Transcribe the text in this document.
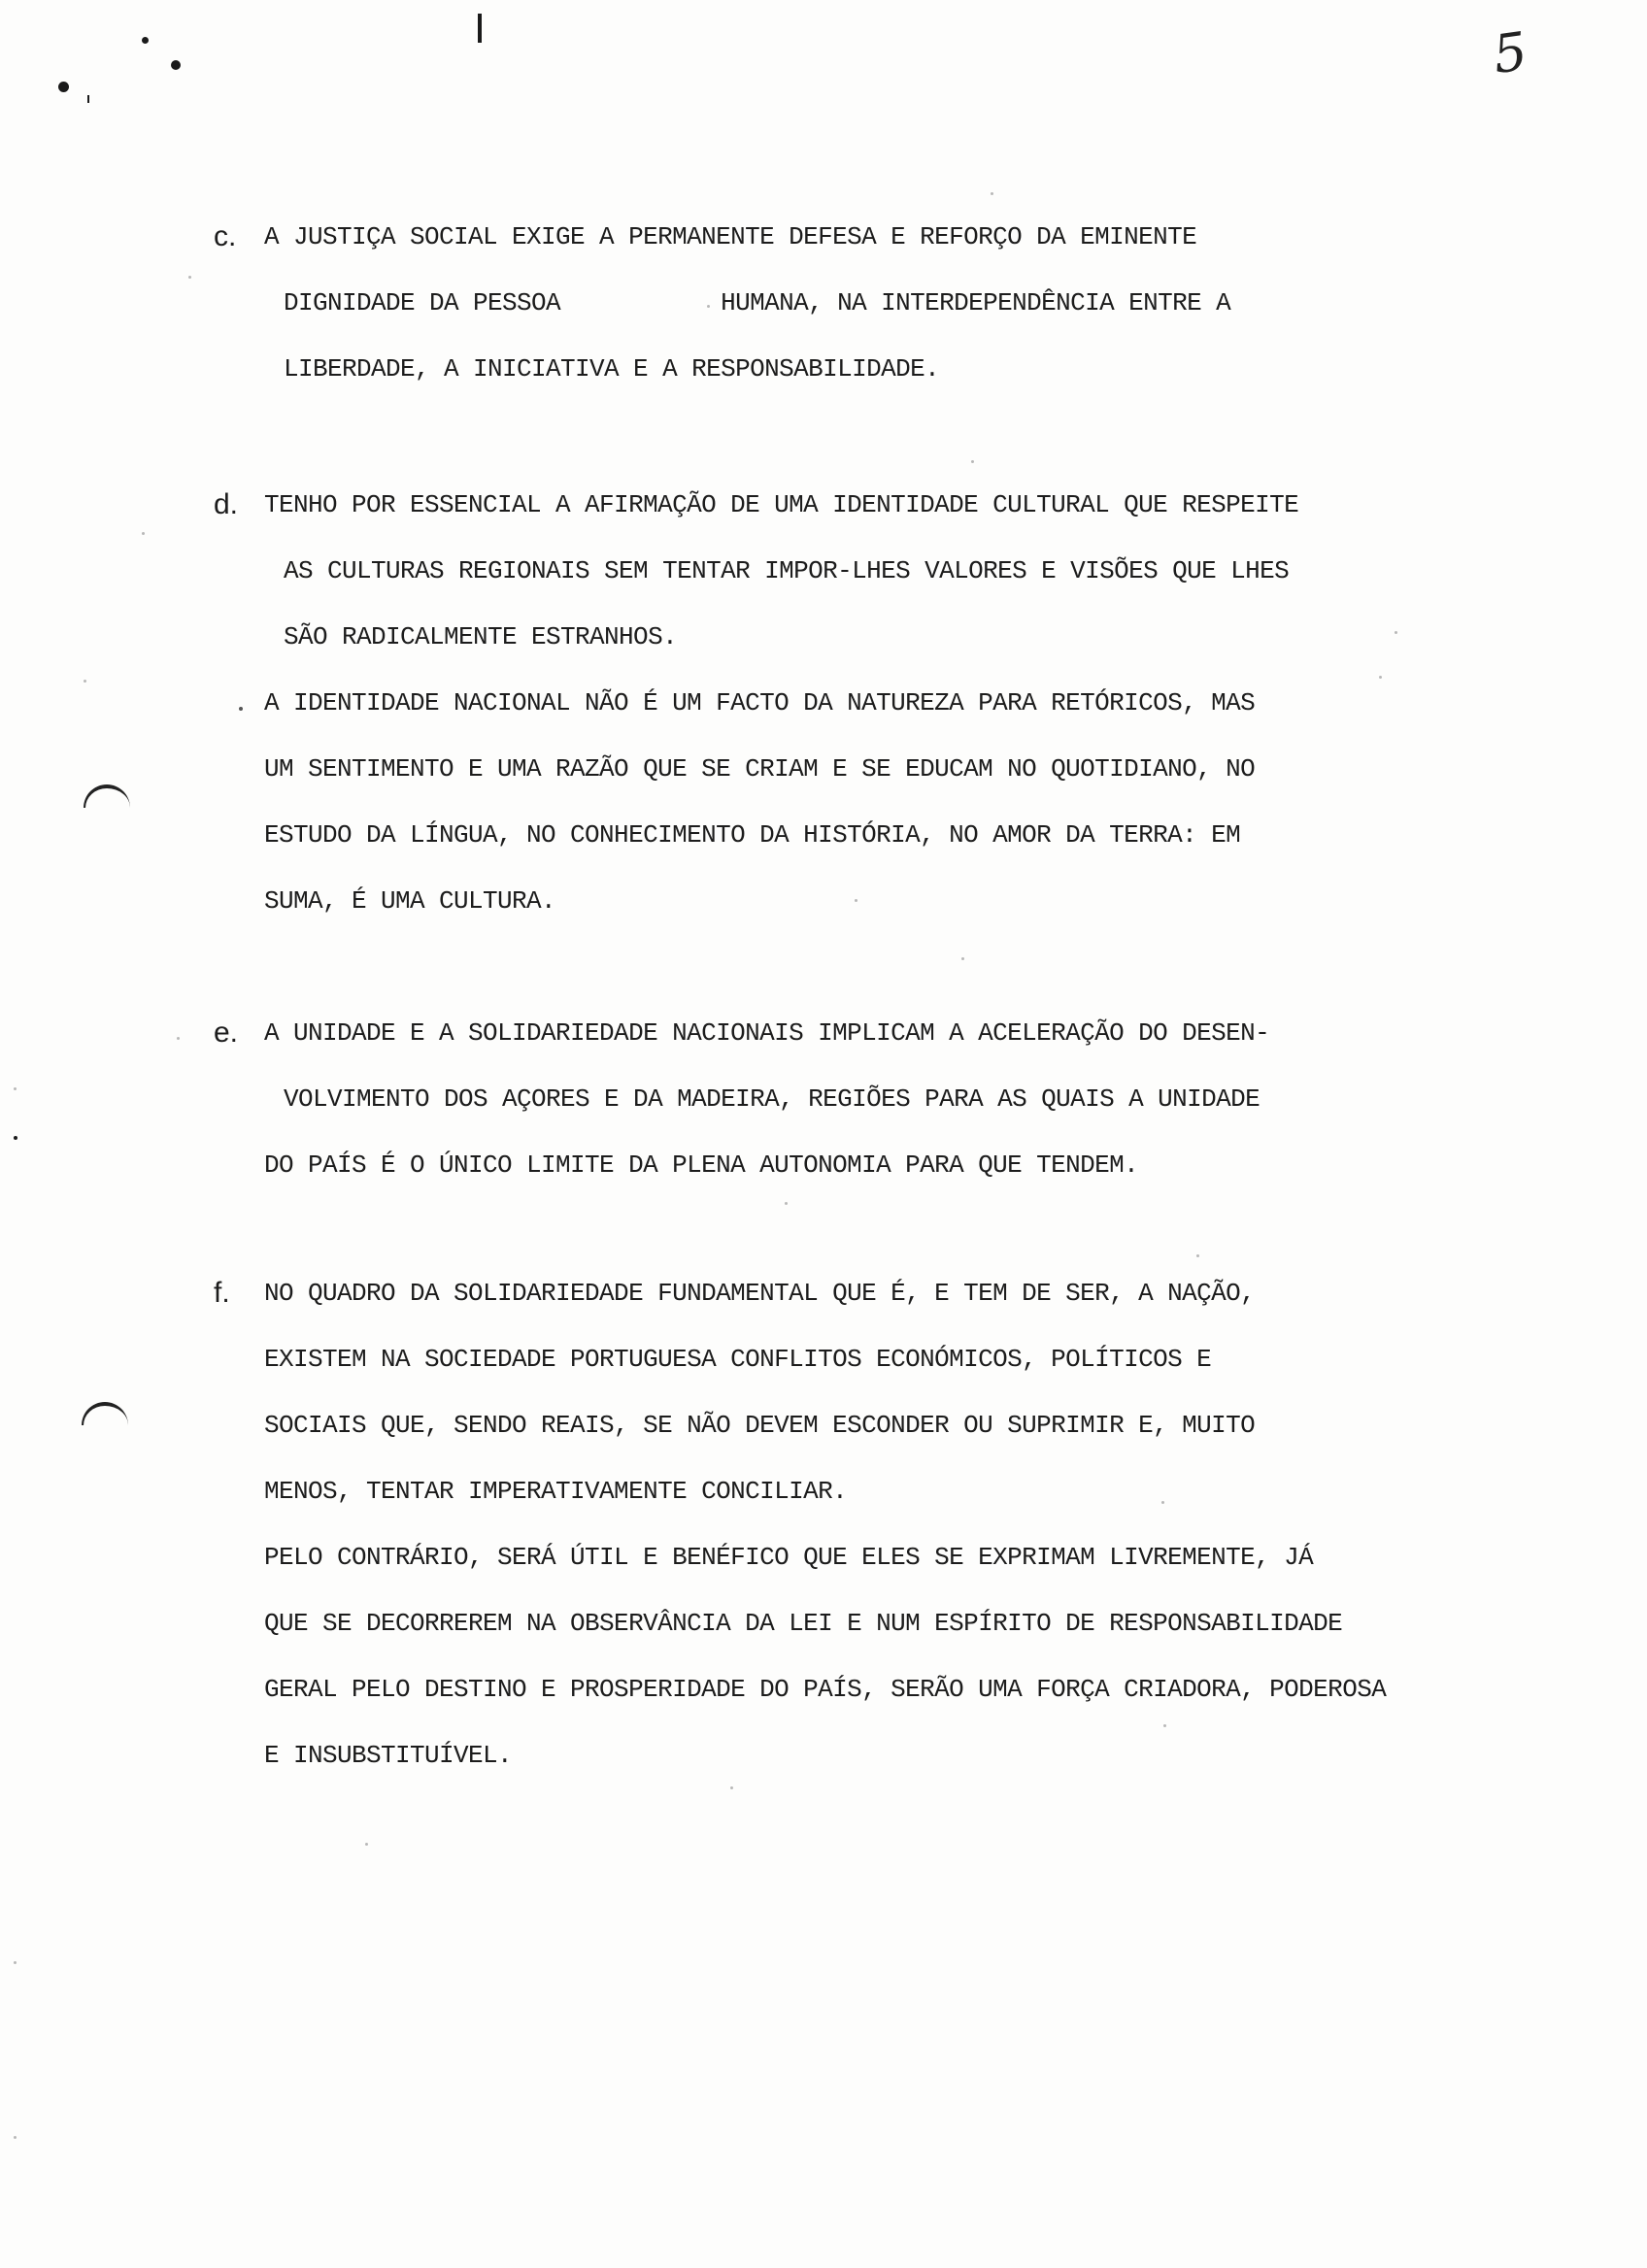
5
c.	A JUSTIÇA SOCIAL EXIGE A PERMANENTE DEFESA E REFORÇO DA EMINENTE
DIGNIDADE DA PESSOA           HUMANA, NA INTERDEPENDÊNCIA ENTRE A
LIBERDADE, A INICIATIVA E A RESPONSABILIDADE.
d.	TENHO POR ESSENCIAL A AFIRMAÇÃO DE UMA IDENTIDADE CULTURAL QUE RESPEITE
AS CULTURAS REGIONAIS SEM TENTAR IMPOR-LHES VALORES E VISÕES QUE LHES
SÃO RADICALMENTE ESTRANHOS.
A IDENTIDADE NACIONAL NÃO É UM FACTO DA NATUREZA PARA RETÓRICOS, MAS
UM SENTIMENTO E UMA RAZÃO QUE SE CRIAM E SE EDUCAM NO QUOTIDIANO, NO
ESTUDO DA LÍNGUA, NO CONHECIMENTO DA HISTÓRIA, NO AMOR DA TERRA: EM
SUMA, É UMA CULTURA.
e.	A UNIDADE E A SOLIDARIEDADE NACIONAIS IMPLICAM A ACELERAÇÃO DO DESEN-
VOLVIMENTO DOS AÇORES E DA MADEIRA, REGIÕES PARA AS QUAIS A UNIDADE
DO PAÍS É O ÚNICO LIMITE DA PLENA AUTONOMIA PARA QUE TENDEM.
f.	NO QUADRO DA SOLIDARIEDADE FUNDAMENTAL QUE É, E TEM DE SER, A NAÇÃO,
EXISTEM NA SOCIEDADE PORTUGUESA CONFLITOS ECONÓMICOS, POLÍTICOS E
SOCIAIS QUE, SENDO REAIS, SE NÃO DEVEM ESCONDER OU SUPRIMIR E, MUITO
MENOS, TENTAR IMPERATIVAMENTE CONCILIAR.
PELO CONTRÁRIO, SERÁ ÚTIL E BENÉFICO QUE ELES SE EXPRIMAM LIVREMENTE, JÁ
QUE SE DECORREREM NA OBSERVÂNCIA DA LEI E NUM ESPÍRITO DE RESPONSABILIDADE
GERAL PELO DESTINO E PROSPERIDADE DO PAÍS, SERÃO UMA FORÇA CRIADORA, PODEROSA
E INSUBSTITUÍVEL.
